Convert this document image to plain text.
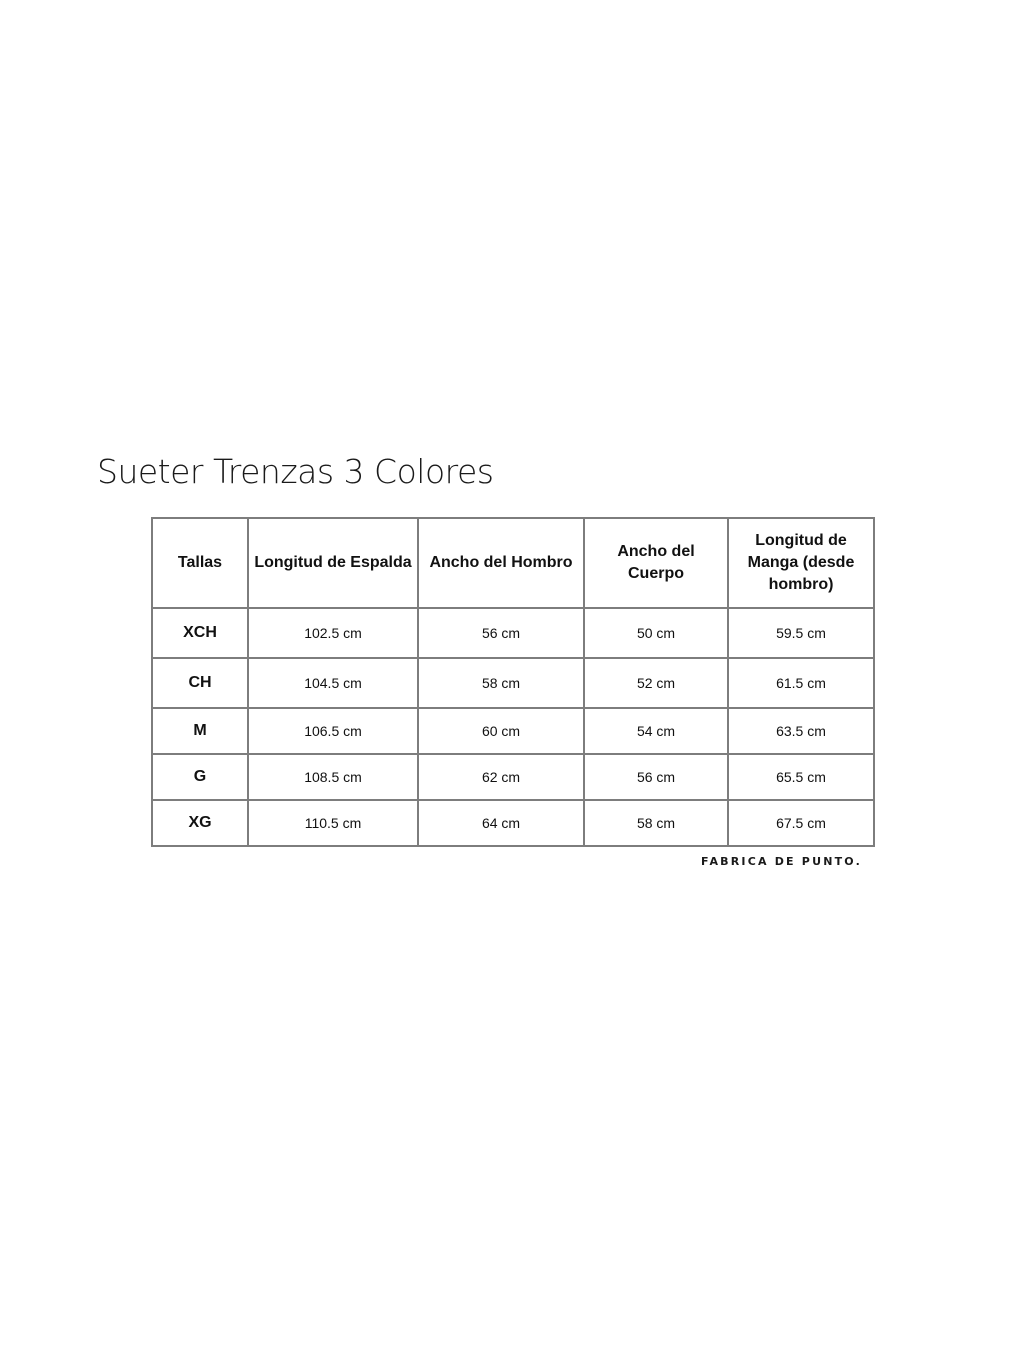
Sueter Trenzas 3 Colores
Tallas	Longitud de Espalda	Ancho del Hombro	Ancho del Cuerpo	Longitud de Manga (desde hombro)
XCH	102.5 cm	56 cm	50 cm	59.5 cm
CH	104.5 cm	58 cm	52 cm	61.5 cm
M	106.5 cm	60 cm	54 cm	63.5 cm
G	108.5 cm	62 cm	56 cm	65.5 cm
XG	110.5 cm	64 cm	58 cm	67.5 cm
FABRICA DE PUNTO.
